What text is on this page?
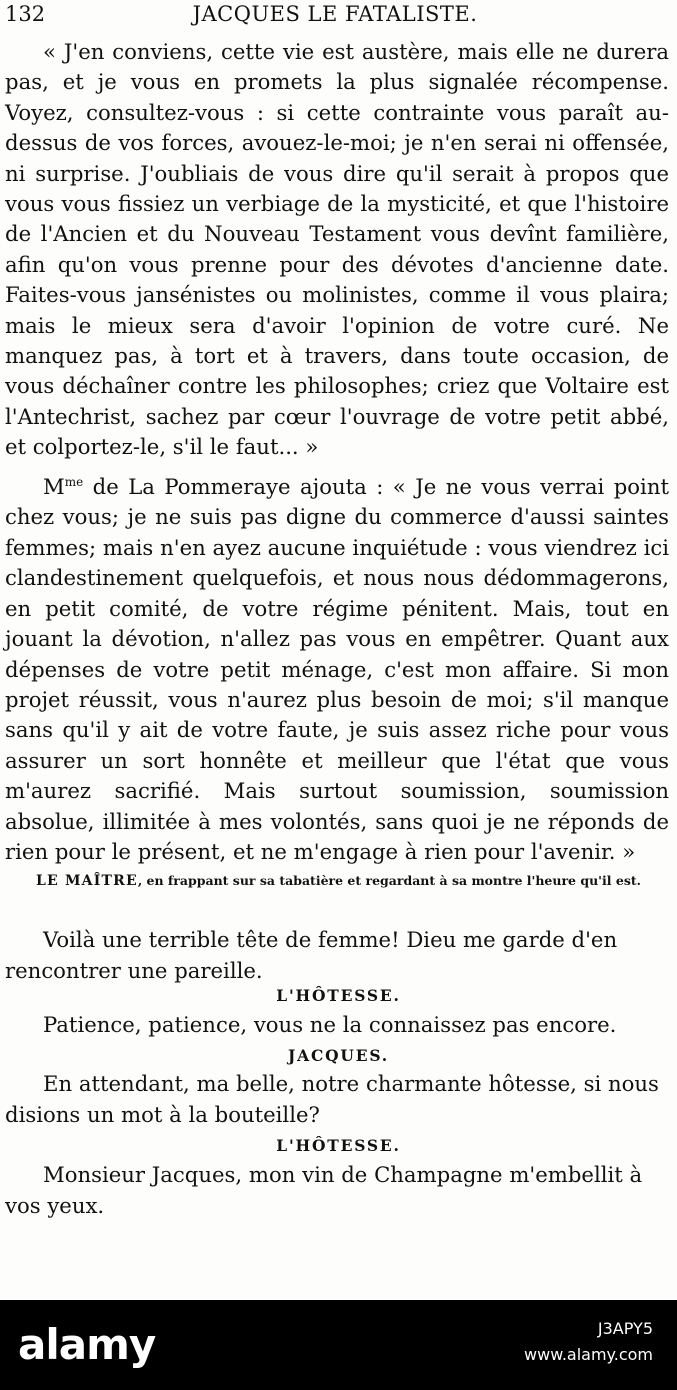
132	JACQUES LE FATALISTE.

« J'en conviens, cette vie est austère, mais elle ne durera pas, et je vous en promets la plus signalée récompense. Voyez, consultez-vous : si cette contrainte vous paraît au-dessus de vos forces, avouez-le-moi; je n'en serai ni offensée, ni surprise. J'oubliais de vous dire qu'il serait à propos que vous vous fissiez un verbiage de la mysticité, et que l'histoire de l'Ancien et du Nouveau Testament vous devînt familière, afin qu'on vous prenne pour des dévotes d'ancienne date. Faites-vous jansénistes ou molinistes, comme il vous plaira; mais le mieux sera d'avoir l'opinion de votre curé. Ne manquez pas, à tort et à travers, dans toute occasion, de vous déchaîner contre les philosophes; criez que Voltaire est l'Antechrist, sachez par cœur l'ouvrage de votre petit abbé, et colportez-le, s'il le faut... »

$M^{me}$ de La Pommeraye ajouta : « Je ne vous verrai point chez vous; je ne suis pas digne du commerce d'aussi saintes femmes; mais n'en ayez aucune inquiétude : vous viendrez ici clandestinement quelquefois, et nous nous dédommagerons, en petit comité, de votre régime pénitent. Mais, tout en jouant la dévotion, n'allez pas vous en empêtrer. Quant aux dépenses de votre petit ménage, c'est mon affaire. Si mon projet réussit, vous n'aurez plus besoin de moi; s'il manque sans qu'il y ait de votre faute, je suis assez riche pour vous assurer un sort honnête et meilleur que l'état que vous m'aurez sacrifié. Mais surtout soumission, soumission absolue, illimitée à mes volontés, sans quoi je ne réponds de rien pour le présent, et ne m'engage à rien pour l'avenir. »

LE MAÎTRE, en frappant sur sa tabatière et regardant à sa montre l'heure qu'il est.
Voilà une terrible tête de femme! Dieu me garde d'en
rencontrer une pareille.
L'HÔTESSE.
Patience, patience, vous ne la connaissez pas encore.
JACQUES.
En attendant, ma belle, notre charmante hôtesse, si nous
disions un mot à la bouteille?
L'HÔTESSE.
Monsieur Jacques, mon vin de Champagne m'embellit à
vos yeux.
alamy	J3APY5
www.alamy.com
